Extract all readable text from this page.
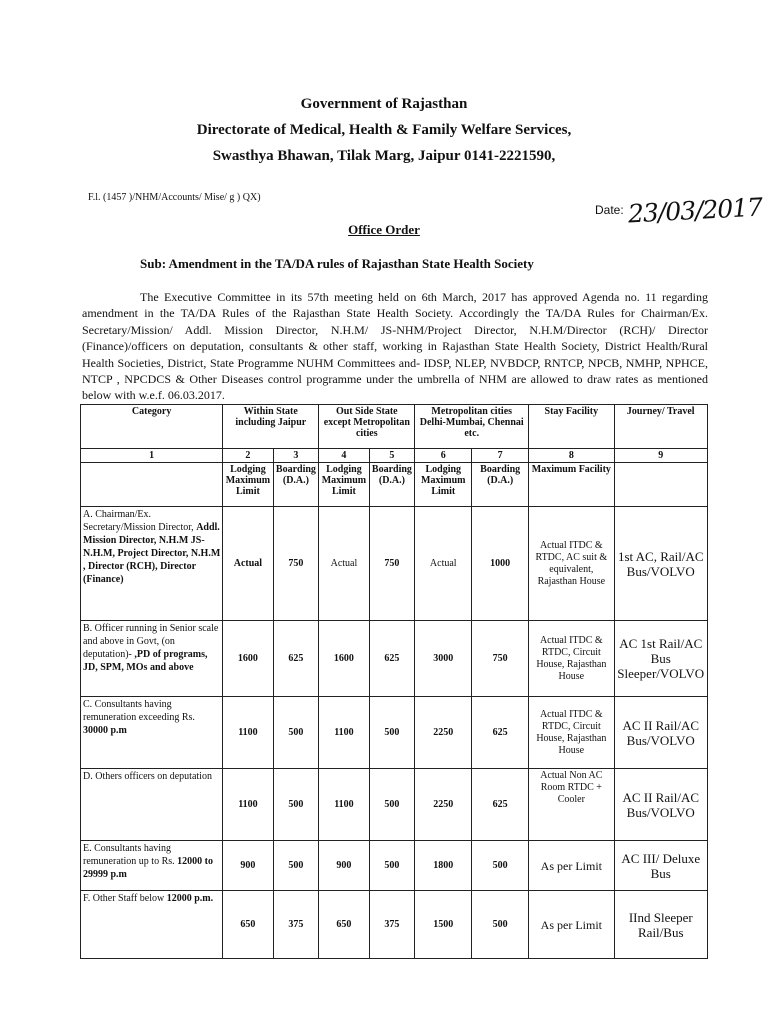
Government of Rajasthan
Directorate of Medical, Health & Family Welfare Services,
Swasthya Bhawan, Tilak Marg, Jaipur 0141-2221590,
F.l. (1457 )/NHM/Accounts/ Mise/ g ) QX)
Date: 23/03/2017
Office Order
Sub: Amendment in the TA/DA rules of Rajasthan State Health Society

The Executive Committee in its 57th meeting held on 6th March, 2017 has approved Agenda no. 11 regarding amendment in the TA/DA Rules of the Rajasthan State Health Society. Accordingly the TA/DA Rules for Chairman/Ex. Secretary/Mission/ Addl. Mission Director, N.H.M/ JS-NHM/Project Director, N.H.M/Director (RCH)/ Director (Finance)/officers on deputation, consultants & other staff, working in Rajasthan State Health Society, District Health/Rural Health Societies, District, State Programme NUHM Committees and- IDSP, NLEP, NVBDCP, RNTCP, NPCB, NMHP, NPHCE, NTCP , NPCDCS & Other Diseases control programme under the umbrella of NHM are allowed to draw rates as mentioned below with w.e.f. 06.03.2017.

Category	Within State including Jaipur		Out Side State except Metropolitan cities		Metropolitan cities Delhi-Mumbai, Chennai etc.		Stay Facility	Journey/ Travel
1	2	3	4	5	6	7	8	9
	Lodging Maximum Limit	Boarding (D.A.)	Lodging Maximum Limit	Boarding (D.A.)	Lodging Maximum Limit	Boarding (D.A.)	Maximum Facility	
A. Chairman/Ex. Secretary/Mission Director, Addl. Mission Director, N.H.M JS-N.H.M, Project Director, N.H.M , Director (RCH), Director (Finance)	Actual	750	Actual	750	Actual	1000	Actual ITDC & RTDC, AC suit & equivalent, Rajasthan House	1st AC, Rail/AC Bus/VOLVO
B. Officer running in Senior scale and above in Govt, (on deputation)- ,PD of programs, JD, SPM, MOs and above	1600	625	1600	625	3000	750	Actual ITDC & RTDC, Circuit House, Rajasthan House	AC 1st Rail/AC Bus Sleeper/VOLVO
C. Consultants having remuneration exceeding Rs. 30000 p.m	1100	500	1100	500	2250	625	Actual ITDC & RTDC, Circuit House, Rajasthan House	AC II Rail/AC Bus/VOLVO
D. Others officers on deputation	1100	500	1100	500	2250	625	Actual Non AC Room RTDC + Cooler	AC II Rail/AC Bus/VOLVO
E. Consultants having remuneration up to Rs. 12000 to 29999 p.m	900	500	900	500	1800	500	As per Limit	AC III/ Deluxe Bus
F. Other Staff below 12000 p.m.	650	375	650	375	1500	500	As per Limit	IInd Sleeper Rail/Bus
